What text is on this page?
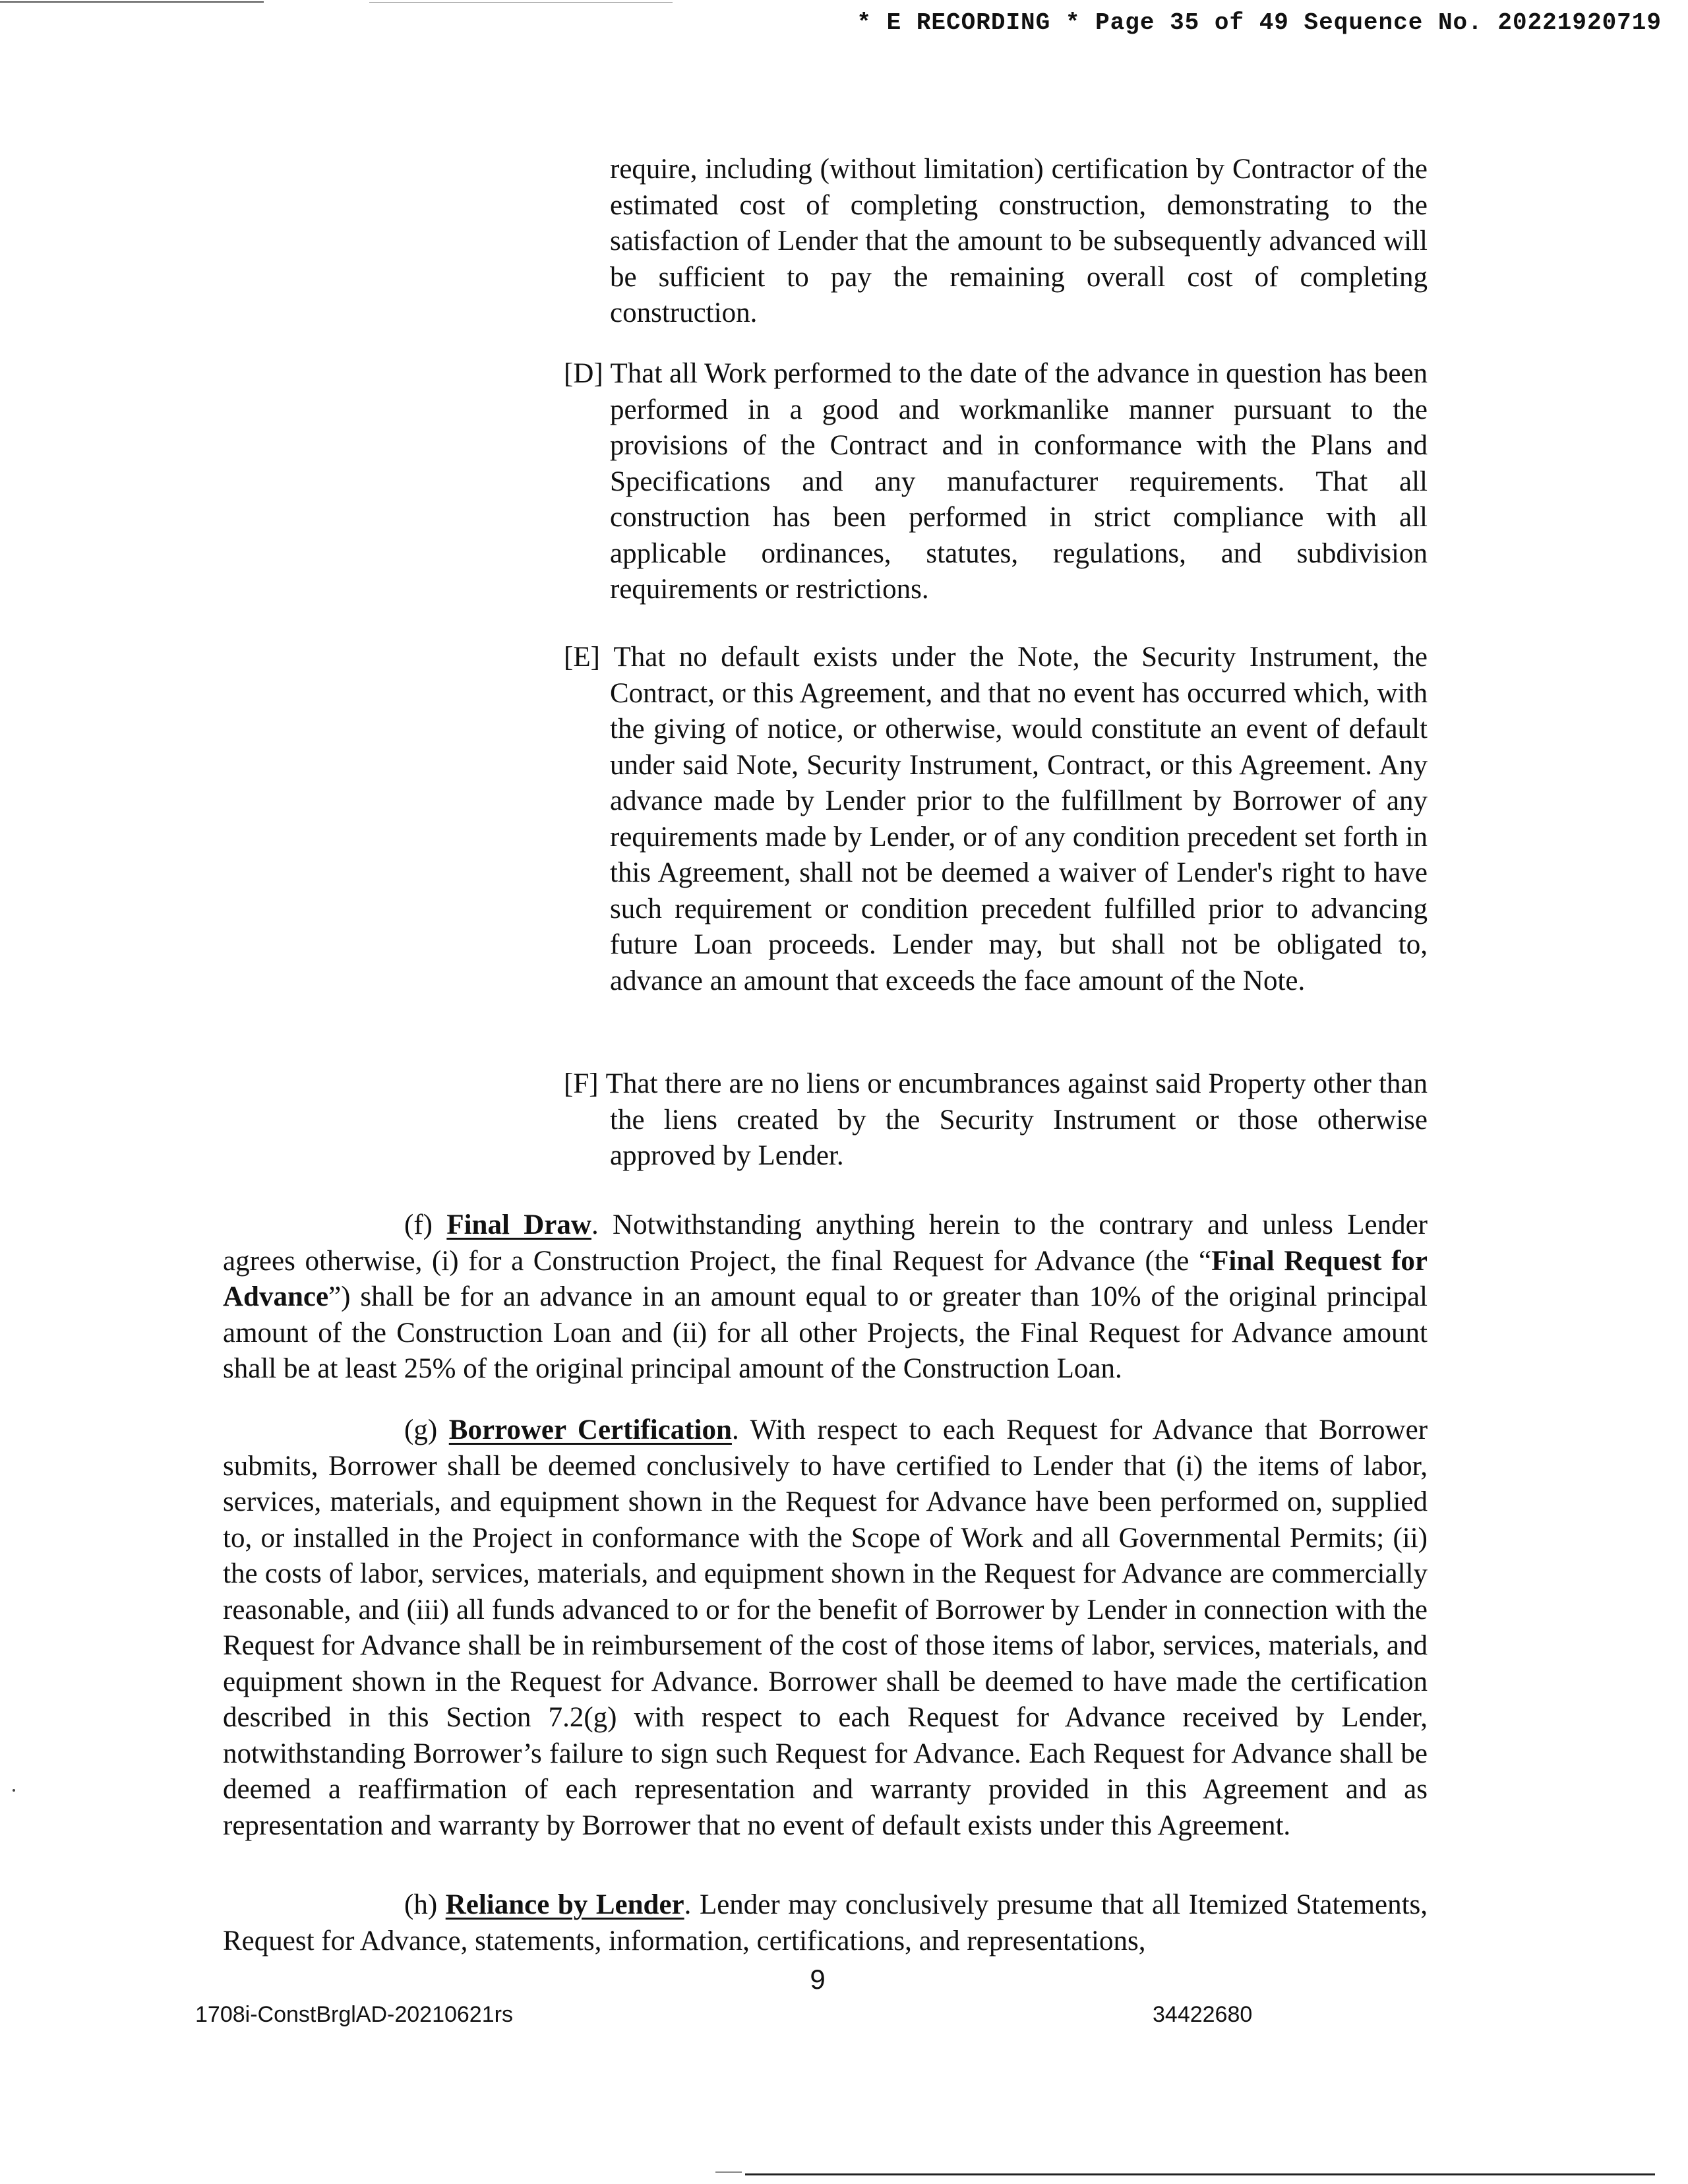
* E RECORDING * Page 35 of 49 Sequence No. 20221920719

require, including (without limitation) certification by Contractor of the estimated cost of completing construction, demonstrating to the satisfaction of Lender that the amount to be subsequently advanced will be sufficient to pay the remaining overall cost of completing construction.

[D] That all Work performed to the date of the advance in question has been performed in a good and workmanlike manner pursuant to the provisions of the Contract and in conformance with the Plans and Specifications and any manufacturer requirements. That all construction has been performed in strict compliance with all applicable ordinances, statutes, regulations, and subdivision requirements or restrictions.

[E] That no default exists under the Note, the Security Instrument, the Contract, or this Agreement, and that no event has occurred which, with the giving of notice, or otherwise, would constitute an event of default under said Note, Security Instrument, Contract, or this Agreement. Any advance made by Lender prior to the fulfillment by Borrower of any requirements made by Lender, or of any condition precedent set forth in this Agreement, shall not be deemed a waiver of Lender's right to have such requirement or condition precedent fulfilled prior to advancing future Loan proceeds. Lender may, but shall not be obligated to, advance an amount that exceeds the face amount of the Note.

[F] That there are no liens or encumbrances against said Property other than the liens created by the Security Instrument or those otherwise approved by Lender.

(f) Final Draw. Notwithstanding anything herein to the contrary and unless Lender agrees otherwise, (i) for a Construction Project, the final Request for Advance (the “Final Request for Advance”) shall be for an advance in an amount equal to or greater than 10% of the original principal amount of the Construction Loan and (ii) for all other Projects, the Final Request for Advance amount shall be at least 25% of the original principal amount of the Construction Loan.

(g) Borrower Certification. With respect to each Request for Advance that Borrower submits, Borrower shall be deemed conclusively to have certified to Lender that (i) the items of labor, services, materials, and equipment shown in the Request for Advance have been performed on, supplied to, or installed in the Project in conformance with the Scope of Work and all Governmental Permits; (ii) the costs of labor, services, materials, and equipment shown in the Request for Advance are commercially reasonable, and (iii) all funds advanced to or for the benefit of Borrower by Lender in connection with the Request for Advance shall be in reimbursement of the cost of those items of labor, services, materials, and equipment shown in the Request for Advance. Borrower shall be deemed to have made the certification described in this Section 7.2(g) with respect to each Request for Advance received by Lender, notwithstanding Borrower’s failure to sign such Request for Advance. Each Request for Advance shall be deemed a reaffirmation of each representation and warranty provided in this Agreement and as representation and warranty by Borrower that no event of default exists under this Agreement.

(h) Reliance by Lender. Lender may conclusively presume that all Itemized Statements, Request for Advance, statements, information, certifications, and representations,

9
1708i-ConstBrglAD-20210621rs	34422680
